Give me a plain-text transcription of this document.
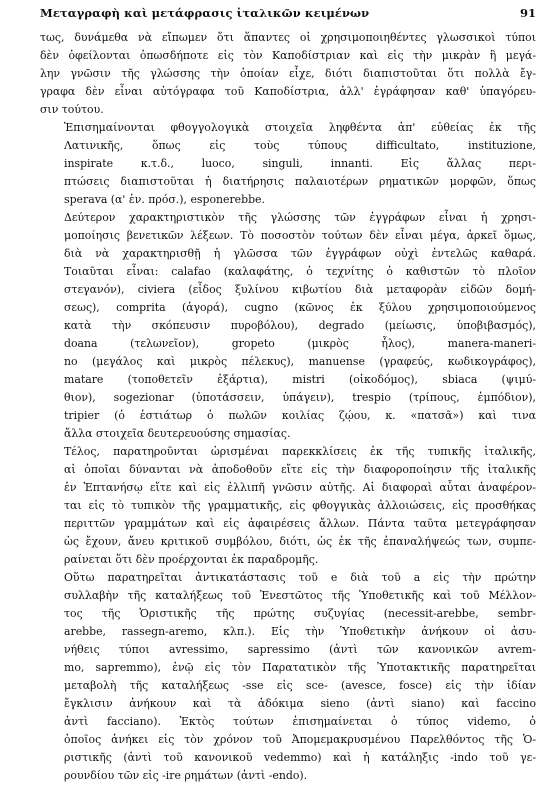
Μεταγραφὴ καὶ μετάφρασις ἰταλικῶν κειμένων	91

τως, δυνάμεθα νὰ εἴπωμεν ὅτι ἅπαντες οἱ χρησιμοποιηθέντες γλωσσικοὶ τύποι
δὲν ὀφείλονται ὁπωσδήποτε εἰς τὸν Καποδίστριαν καὶ εἰς τὴν μικρὰν ἢ μεγά-
λην γνῶσιν τῆς γλώσσης τὴν ὁποίαν εἶχε, διότι διαπιστοῦται ὅτι πολλὰ ἔγ-
γραφα δὲν εἶναι αὐτόγραφα τοῦ Καποδίστρια, ἀλλ' ἐγράφησαν καθ' ὑπαγόρευ-
σιν τούτου.

Ἐπισημαίνονται φθογγολογικὰ στοιχεῖα ληφθέντα ἀπ' εὐθείας ἐκ τῆς
Λατινικῆς, ὅπως εἰς τοὺς τύπους difficultato, instituzione,
inspirate κ.τ.δ., luoco, singuli, innanti. Εἰς ἄλλας περι-
πτώσεις διαπιστοῦται ἡ διατήρησις παλαιοτέρων ρηματικῶν μορφῶν, ὅπως
sperava (α' ἑν. πρόσ.), esponerebbe.

Δεύτερον χαρακτηριστικὸν τῆς γλώσσης τῶν ἐγγράφων εἶναι ἡ χρησι-
μοποίησις βενετικῶν λέξεων. Τὸ ποσοστὸν τούτων δὲν εἶναι μέγα, ἀρκεῖ ὅμως,
διὰ νὰ χαρακτηρισθῇ ἡ γλῶσσα τῶν ἐγγράφων οὐχὶ ἐντελῶς καθαρά.
Τοιαῦται εἶναι: calafao (καλαφάτης, ὁ τεχνίτης ὁ καθιστῶν τὸ πλοῖον
στεγανόν), civiera (εἶδος ξυλίνου κιβωτίου διὰ μεταφορὰν εἰδῶν δομή-
σεως), comprita (ἀγορά), cugno (κῶνος ἐκ ξύλου χρησιμοποιούμενος
κατὰ τὴν σκόπευσιν πυροβόλου), degrado (μείωσις, ὑποβιβασμός),
doana (τελωνεῖον), gropeto (μικρὸς ἧλος), manera-maneri-
no (μεγάλος καὶ μικρὸς πέλεκυς), manuense (γραφεύς, κωδικογράφος),
matare (τοποθετεῖν ἐξάρτια), mistri (οἰκοδόμος), sbiaca (ψιμύ-
θιον), sogezionar (ὑποτάσσειν, ὑπάγειν), trespio (τρίπους, ἐμπόδιον),
tripier (ὁ ἑστιάτωρ ὁ πωλῶν κοιλίας ζῴου, κ. «πατσᾶ») καὶ τινα
ἄλλα στοιχεῖα δευτερευούσης σημασίας.

Τέλος, παρατηροῦνται ὡρισμέναι παρεκκλίσεις ἐκ τῆς τυπικῆς ἰταλικῆς,
αἱ ὁποῖαι δύνανται νὰ ἀποδοθοῦν εἴτε εἰς τὴν διαφοροποίησιν τῆς ἰταλικῆς
ἐν Ἑπτανήσῳ εἴτε καὶ εἰς ἐλλιπῆ γνῶσιν αὐτῆς. Αἱ διαφοραὶ αὗται ἀναφέρον-
ται εἰς τὸ τυπικὸν τῆς γραμματικῆς, εἰς φθογγικὰς ἀλλοιώσεις, εἰς προσθήκας
περιττῶν γραμμάτων καὶ εἰς ἀφαιρέσεις ἄλλων. Πάντα ταῦτα μετεγράφησαν
ὡς ἔχουν, ἄνευ κριτικοῦ συμβόλου, διότι, ὡς ἐκ τῆς ἐπαναλήψεώς των, συμπε-
ραίνεται ὅτι δὲν προέρχονται ἐκ παραδρομῆς.

Οὕτω παρατηρεῖται ἀντικατάστασις τοῦ e διὰ τοῦ a εἰς τὴν πρώτην
συλλαβὴν τῆς καταλήξεως τοῦ Ἐνεστῶτος τῆς Ὑποθετικῆς καὶ τοῦ Μέλλον-
τος τῆς Ὁριστικῆς τῆς πρώτης συζυγίας (necessit-arebbe, sembr-
arebbe, rassegn-aremo, κλπ.). Εἰς τὴν Ὑποθετικὴν ἀνήκουν οἱ ἀσυ-
νήθεις τύποι avressimo, sapressimo (ἀντὶ τῶν κανονικῶν avrem-
mo, sapremmo), ἐνῷ εἰς τὸν Παρατατικὸν τῆς Ὑποτακτικῆς παρατηρεῖται
μεταβολὴ τῆς καταλήξεως -sse εἰς sce- (avesce, fosce) εἰς τὴν ἰδίαν
ἔγκλισιν ἀνήκουν καὶ τὰ ἀδόκιμα sieno (ἀντὶ siano) καὶ faccino
ἀντὶ facciano). Ἐκτὸς τούτων ἐπισημαίνεται ὁ τύπος videmo, ὁ
ὁποῖος ἀνήκει εἰς τὸν χρόνον τοῦ Ἀπομεμακρυσμένου Παρελθόντος τῆς Ὁ-
ριστικῆς (ἀντὶ τοῦ κανονικοῦ vedemmo) καὶ ἡ κατάληξις -indo τοῦ γε-
ρουνδίου τῶν εἰς -ire ρημάτων (ἀντὶ -endo).
